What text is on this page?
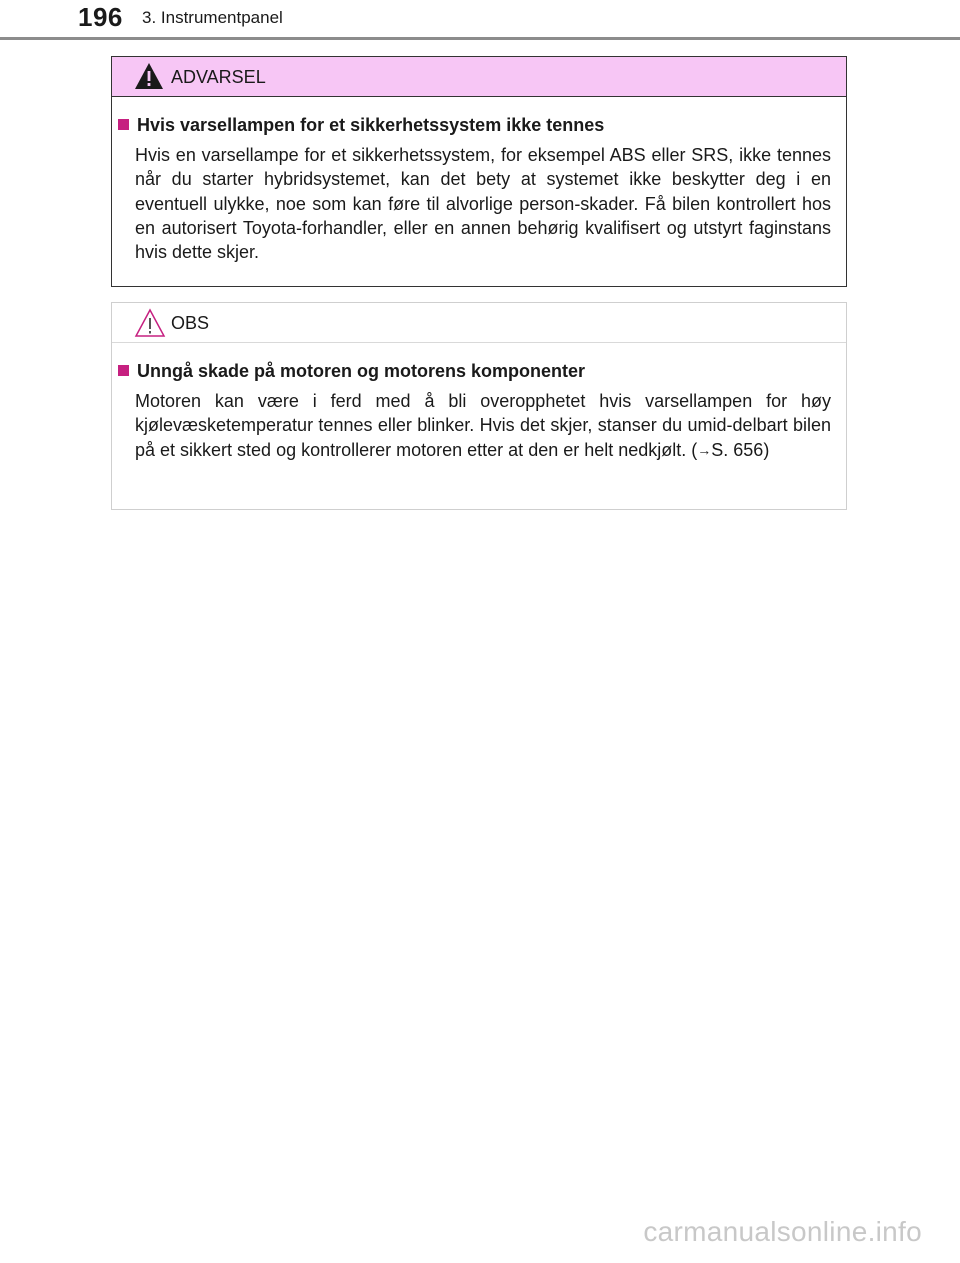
196 3. Instrumentpanel
ADVARSEL
Hvis varsellampen for et sikkerhetssystem ikke tennes
Hvis en varsellampe for et sikkerhetssystem, for eksempel ABS eller SRS, ikke tennes når du starter hybridsystemet, kan det bety at systemet ikke beskytter deg i en eventuell ulykke, noe som kan føre til alvorlige person-skader. Få bilen kontrollert hos en autorisert Toyota-forhandler, eller en annen behørig kvalifisert og utstyrt faginstans hvis dette skjer.
OBS
Unngå skade på motoren og motorens komponenter
Motoren kan være i ferd med å bli overopphetet hvis varsellampen for høy kjølevæsketemperatur tennes eller blinker. Hvis det skjer, stanser du umid-delbart bilen på et sikkert sted og kontrollerer motoren etter at den er helt nedkjølt. (→S. 656)
carmanualsonline.info
